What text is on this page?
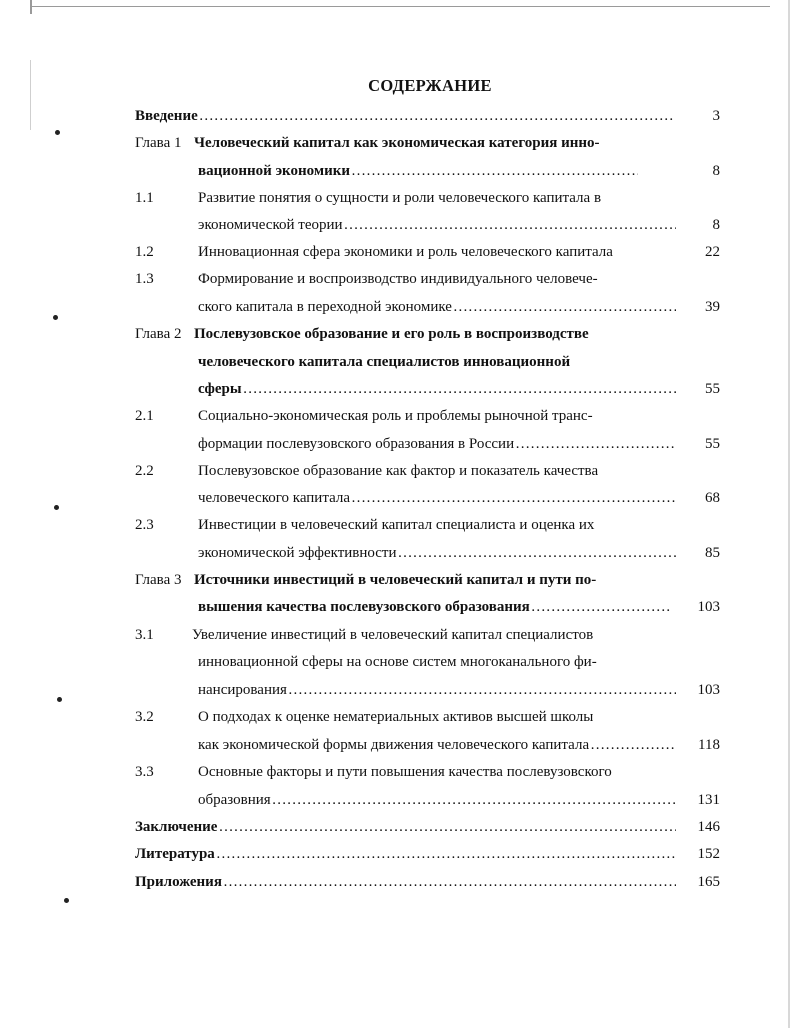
СОДЕРЖАНИЕ
Введение ……………………………………………………………………………………………………………………………………………………………………………	3
Глава 1 Человеческий капитал как экономическая категория инно-
вационной экономики ……………………………………………………………………………………………………………………………………………………………………………	8
1.1	Развитие понятия о сущности и роли человеческого капитала в
экономической теории ……………………………………………………………………………………………………………………………………………………………………………	8
1.2	Инновационная сфера экономики и роль человеческого капитала	22
1.3	Формирование и воспроизводство индивидуального человече-
ского капитала в переходной экономике ……………………………………………………………………………………………………………………………………………………………………………	39
Глава 2 Послевузовское образование и его роль в воспроизводстве
человеческого капитала специалистов инновационной
сферы ……………………………………………………………………………………………………………………………………………………………………………	55
2.1	Социально-экономическая роль и проблемы рыночной транс-
формации послевузовского образования в России ……………………………………………………………………………………………………………………………………………………………………………	55
2.2	Послевузовское образование как фактор и показатель качества
человеческого капитала ……………………………………………………………………………………………………………………………………………………………………………	68
2.3	Инвестиции в человеческий капитал специалиста и оценка их
экономической эффективности ……………………………………………………………………………………………………………………………………………………………………………	85
Глава 3 Источники инвестиций в человеческий капитал и пути по-
вышения качества послевузовского образования ……………………………………………………………………………………………………………………………………………………………………………	103
3.1	Увеличение инвестиций в человеческий капитал специалистов
инновационной сферы на основе систем многоканального фи-
нансирования ……………………………………………………………………………………………………………………………………………………………………………	103
3.2	О подходах к оценке нематериальных активов высшей школы
как экономической формы движения человеческого капитала ……………………………………………………………………………………………………………………………………………………………………………	118
3.3	Основные факторы и пути повышения качества послевузовского
образовния ……………………………………………………………………………………………………………………………………………………………………………	131
Заключение ……………………………………………………………………………………………………………………………………………………………………………	146
Литература ……………………………………………………………………………………………………………………………………………………………………………	152
Приложения ……………………………………………………………………………………………………………………………………………………………………………	165
